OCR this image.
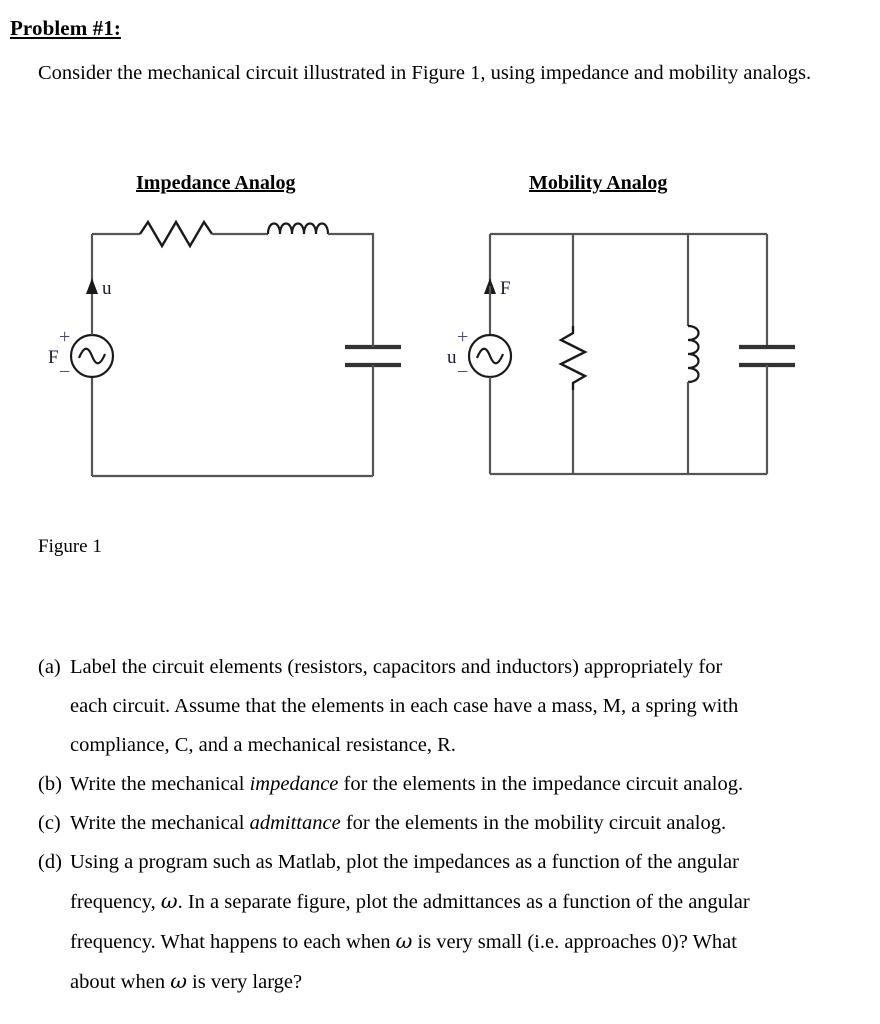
Problem #1:
Consider the mechanical circuit illustrated in Figure 1, using impedance and mobility analogs.
Impedance Analog	Mobility Analog
u
F
+
−
F
u
+
−
Figure 1
(a) Label the circuit elements (resistors, capacitors and inductors) appropriately for
each circuit. Assume that the elements in each case have a mass, M, a spring with
compliance, C, and a mechanical resistance, R.
(b) Write the mechanical impedance for the elements in the impedance circuit analog.
(c) Write the mechanical admittance for the elements in the mobility circuit analog.
(d) Using a program such as Matlab, plot the impedances as a function of the angular
frequency, ω. In a separate figure, plot the admittances as a function of the angular
frequency. What happens to each when ω is very small (i.e. approaches 0)? What
about when ω is very large?
